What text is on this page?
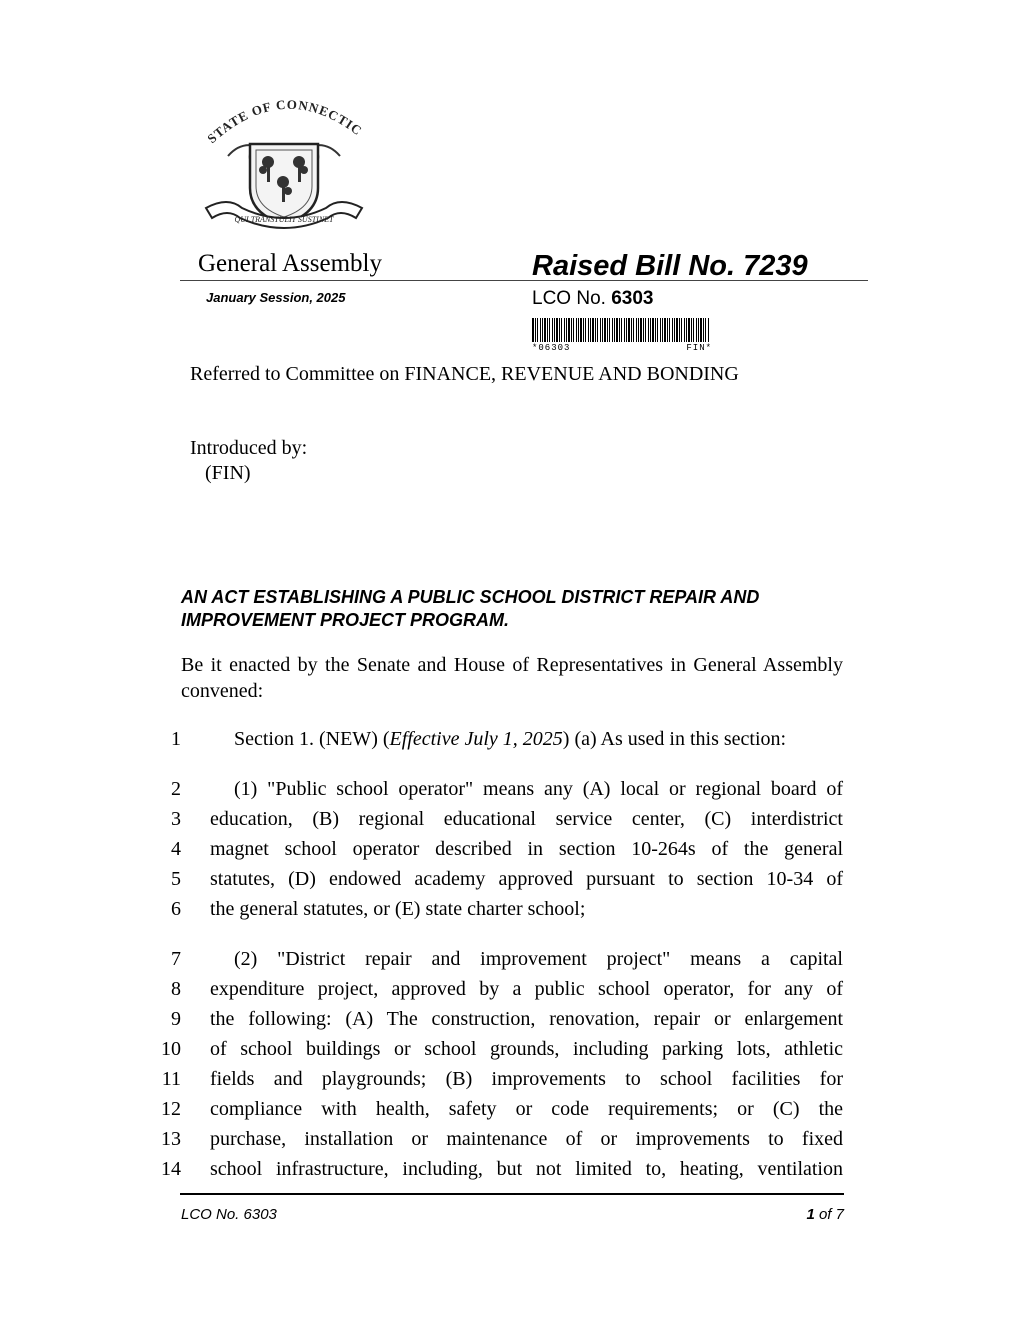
STATE OF CONNECTIC
QUI TRANSTULIT SUSTINET
General Assembly	Raised Bill No. 7239
January Session, 2025	LCO No. 6303
*06303	FIN*
Referred to Committee on FINANCE, REVENUE AND BONDING
Introduced by:
(FIN)
AN ACT ESTABLISHING A PUBLIC SCHOOL DISTRICT REPAIR AND IMPROVEMENT PROJECT PROGRAM.
Be it enacted by the Senate and House of Representatives in General Assembly convened:
1	Section 1. (NEW) (Effective July 1, 2025) (a) As used in this section:
2	(1) "Public school operator" means any (A) local or regional board of
3 education, (B) regional educational service center, (C) interdistrict
4 magnet school operator described in section 10-264s of the general
5 statutes, (D) endowed academy approved pursuant to section 10-34 of
6 the general statutes, or (E) state charter school;
7	(2) "District repair and improvement project" means a capital
8 expenditure project, approved by a public school operator, for any of
9 the following: (A) The construction, renovation, repair or enlargement
10 of school buildings or school grounds, including parking lots, athletic
11 fields and playgrounds; (B) improvements to school facilities for
12 compliance with health, safety or code requirements; or (C) the
13 purchase, installation or maintenance of or improvements to fixed
14 school infrastructure, including, but not limited to, heating, ventilation
LCO No. 6303	1 of 7
